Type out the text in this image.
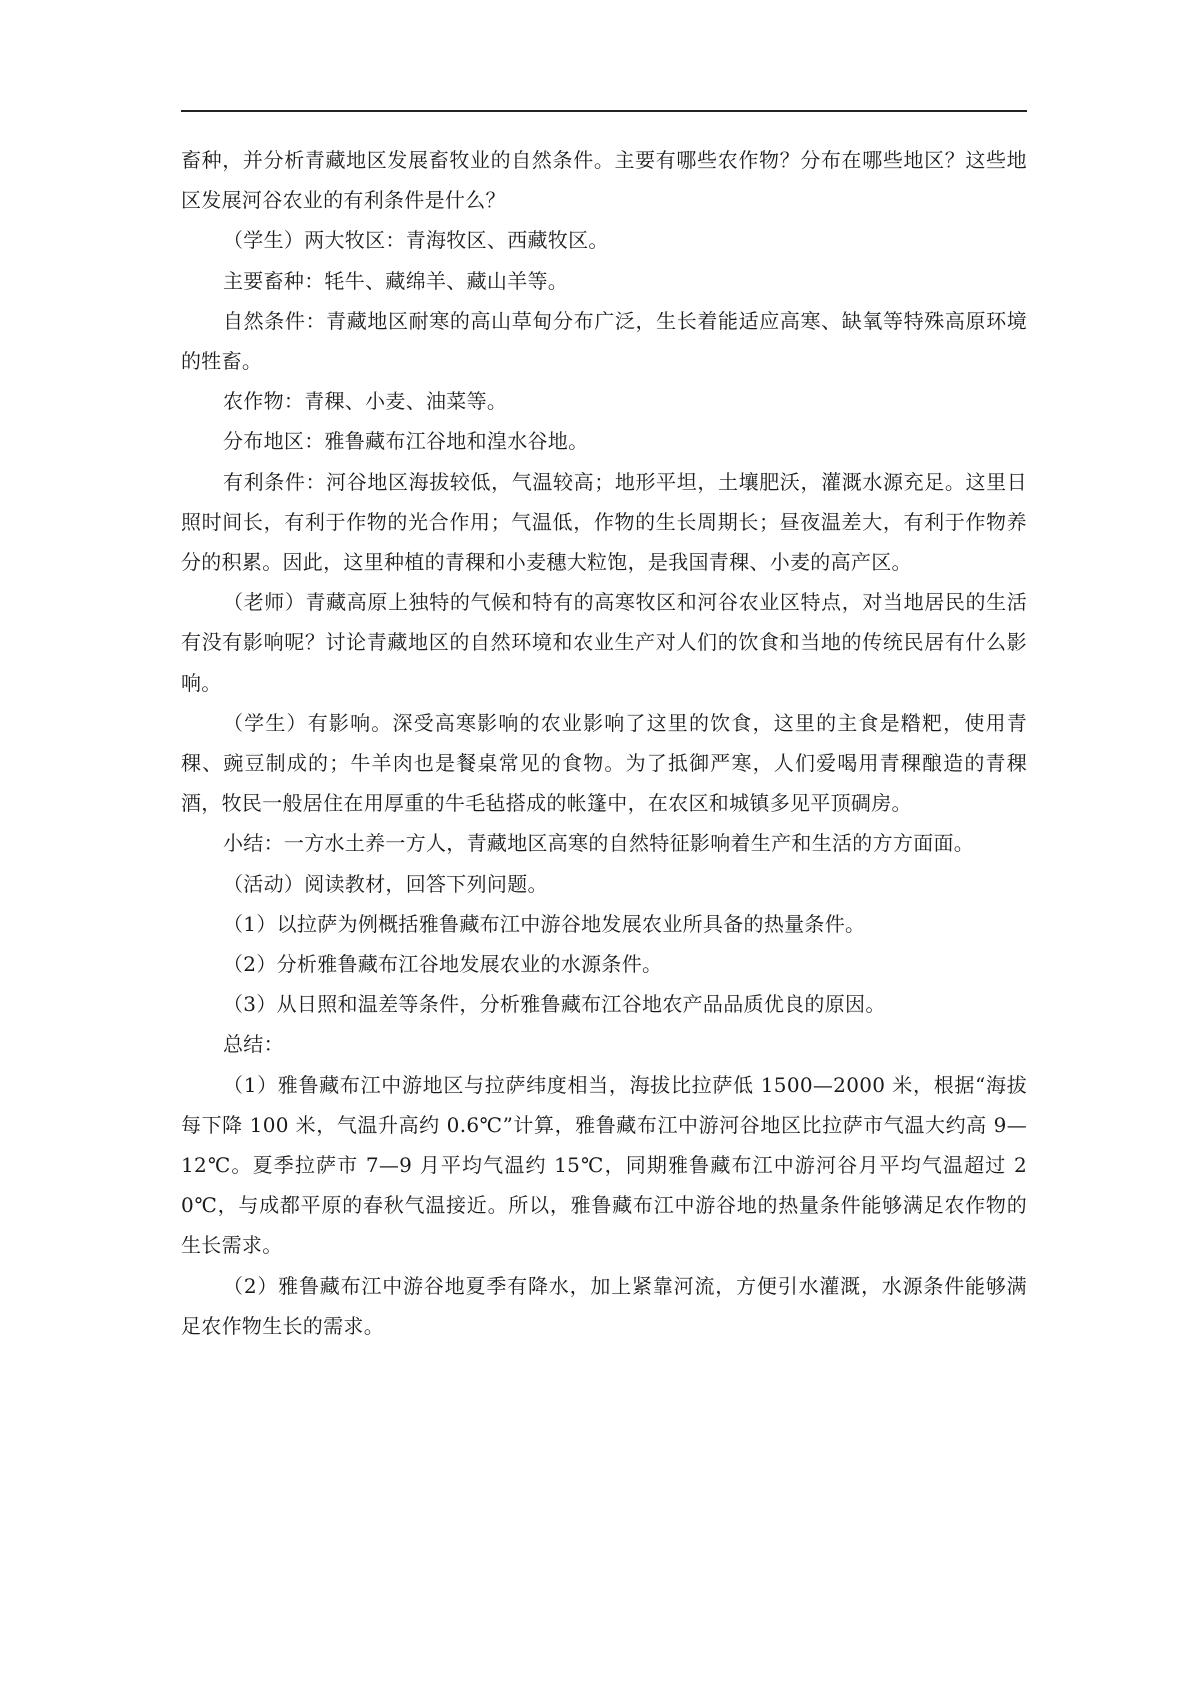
畜种，并分析青藏地区发展畜牧业的自然条件。主要有哪些农作物？分布在哪些地区？这些地区发展河谷农业的有利条件是什么？

（学生）两大牧区：青海牧区、西藏牧区。

主要畜种：牦牛、藏绵羊、藏山羊等。

自然条件：青藏地区耐寒的高山草甸分布广泛，生长着能适应高寒、缺氧等特殊高原环境的牲畜。

农作物：青稞、小麦、油菜等。

分布地区：雅鲁藏布江谷地和湟水谷地。

有利条件：河谷地区海拔较低，气温较高；地形平坦，土壤肥沃，灌溉水源充足。这里日照时间长，有利于作物的光合作用；气温低，作物的生长周期长；昼夜温差大，有利于作物养分的积累。因此，这里种植的青稞和小麦穗大粒饱，是我国青稞、小麦的高产区。

（老师）青藏高原上独特的气候和特有的高寒牧区和河谷农业区特点，对当地居民的生活有没有影响呢？讨论青藏地区的自然环境和农业生产对人们的饮食和当地的传统民居有什么影响。

（学生）有影响。深受高寒影响的农业影响了这里的饮食，这里的主食是糌粑，使用青稞、豌豆制成的；牛羊肉也是餐桌常见的食物。为了抵御严寒，人们爱喝用青稞酿造的青稞酒，牧民一般居住在用厚重的牛毛毡搭成的帐篷中，在农区和城镇多见平顶碉房。

小结：一方水土养一方人，青藏地区高寒的自然特征影响着生产和生活的方方面面。

（活动）阅读教材，回答下列问题。

（1）以拉萨为例概括雅鲁藏布江中游谷地发展农业所具备的热量条件。

（2）分析雅鲁藏布江谷地发展农业的水源条件。

（3）从日照和温差等条件，分析雅鲁藏布江谷地农产品品质优良的原因。

总结：

（1）雅鲁藏布江中游地区与拉萨纬度相当，海拔比拉萨低 1500—2000 米，根据“海拔每下降 100 米，气温升高约 0.6℃”计算，雅鲁藏布江中游河谷地区比拉萨市气温大约高 9—12℃。夏季拉萨市 7—9 月平均气温约 15℃，同期雅鲁藏布江中游河谷月平均气温超过 20℃，与成都平原的春秋气温接近。所以，雅鲁藏布江中游谷地的热量条件能够满足农作物的生长需求。

（2）雅鲁藏布江中游谷地夏季有降水，加上紧靠河流，方便引水灌溉，水源条件能够满足农作物生长的需求。
